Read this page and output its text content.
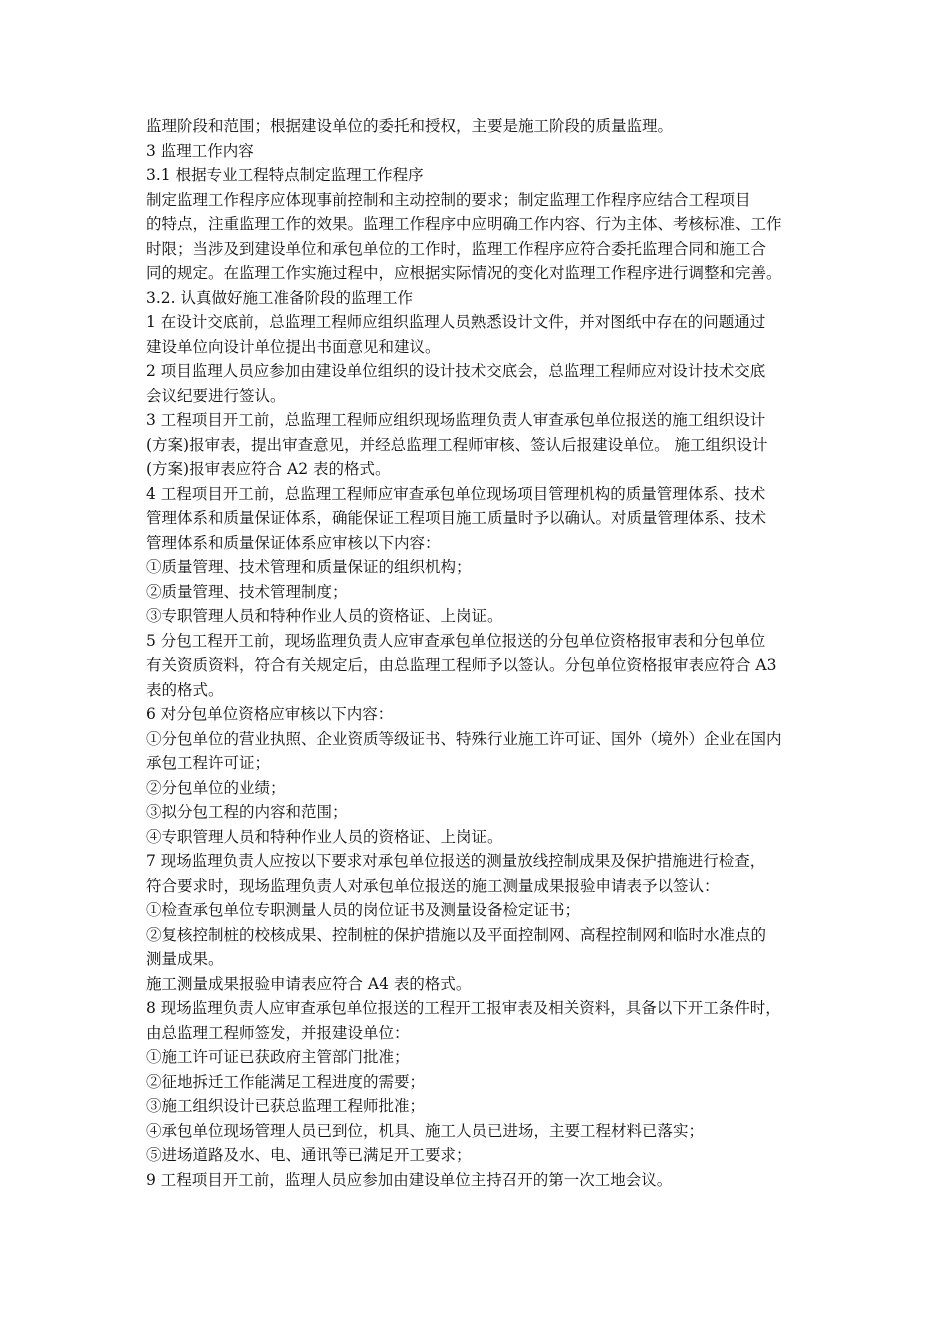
监理阶段和范围；根据建设单位的委托和授权，主要是施工阶段的质量监理。
3 监理工作内容
3.1 根据专业工程特点制定监理工作程序
制定监理工作程序应体现事前控制和主动控制的要求；制定监理工作程序应结合工程项目
的特点，注重监理工作的效果。监理工作程序中应明确工作内容、行为主体、考核标准、工作
时限；当涉及到建设单位和承包单位的工作时，监理工作程序应符合委托监理合同和施工合
同的规定。在监理工作实施过程中，应根据实际情况的变化对监理工作程序进行调整和完善。
3.2. 认真做好施工准备阶段的监理工作
1 在设计交底前，总监理工程师应组织监理人员熟悉设计文件，并对图纸中存在的问题通过
建设单位向设计单位提出书面意见和建议。
2 项目监理人员应参加由建设单位组织的设计技术交底会，总监理工程师应对设计技术交底
会议纪要进行签认。
3 工程项目开工前，总监理工程师应组织现场监理负责人审查承包单位报送的施工组织设计
(方案)报审表，提出审查意见，并经总监理工程师审核、签认后报建设单位。 施工组织设计
(方案)报审表应符合 A2 表的格式。
4 工程项目开工前，总监理工程师应审查承包单位现场项目管理机构的质量管理体系、技术
管理体系和质量保证体系，确能保证工程项目施工质量时予以确认。对质量管理体系、技术
管理体系和质量保证体系应审核以下内容：
①质量管理、技术管理和质量保证的组织机构；
②质量管理、技术管理制度；
③专职管理人员和特种作业人员的资格证、上岗证。
5 分包工程开工前，现场监理负责人应审查承包单位报送的分包单位资格报审表和分包单位
有关资质资料，符合有关规定后，由总监理工程师予以签认。分包单位资格报审表应符合 A3
表的格式。
6 对分包单位资格应审核以下内容：
①分包单位的营业执照、企业资质等级证书、特殊行业施工许可证、国外（境外）企业在国内
承包工程许可证；
②分包单位的业绩；
③拟分包工程的内容和范围；
④专职管理人员和特种作业人员的资格证、上岗证。
7 现场监理负责人应按以下要求对承包单位报送的测量放线控制成果及保护措施进行检查，
符合要求时，现场监理负责人对承包单位报送的施工测量成果报验申请表予以签认：
①检查承包单位专职测量人员的岗位证书及测量设备检定证书；
②复核控制桩的校核成果、控制桩的保护措施以及平面控制网、高程控制网和临时水准点的
测量成果。
施工测量成果报验申请表应符合 A4 表的格式。
8 现场监理负责人应审查承包单位报送的工程开工报审表及相关资料，具备以下开工条件时，
由总监理工程师签发，并报建设单位：
①施工许可证已获政府主管部门批准；
②征地拆迁工作能满足工程进度的需要；
③施工组织设计已获总监理工程师批准；
④承包单位现场管理人员已到位，机具、施工人员已进场，主要工程材料已落实；
⑤进场道路及水、电、通讯等已满足开工要求；
9 工程项目开工前，监理人员应参加由建设单位主持召开的第一次工地会议。
